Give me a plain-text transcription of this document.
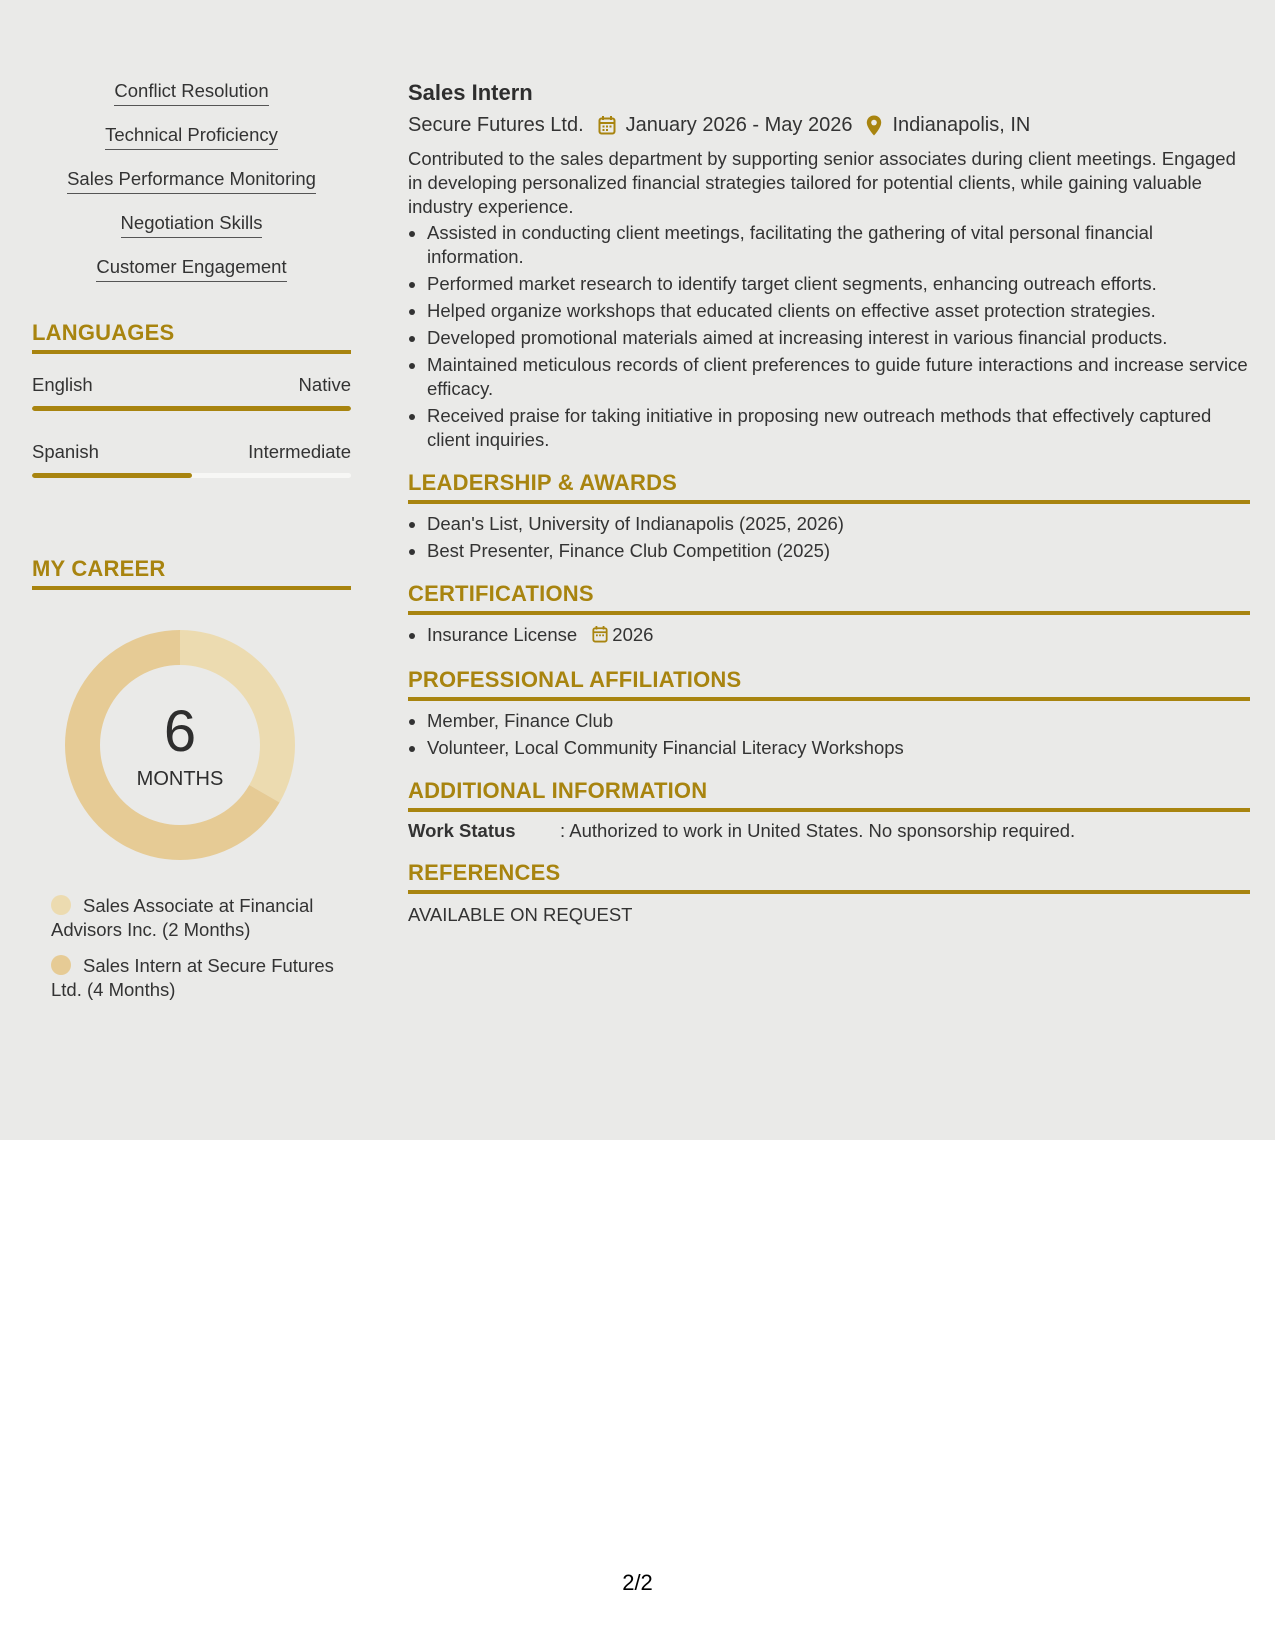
Conflict Resolution
Technical Proficiency
Sales Performance Monitoring
Negotiation Skills
Customer Engagement
LANGUAGES
English	Native
Spanish	Intermediate
MY CAREER
6
MONTHS
Sales Associate at Financial Advisors Inc. (2 Months)
Sales Intern at Secure Futures Ltd. (4 Months)
Sales Intern
Secure Futures Ltd. January 2026 - May 2026 Indianapolis, IN

Contributed to the sales department by supporting senior associates during client meetings. Engaged in developing personalized financial strategies tailored for potential clients, while gaining valuable industry experience.

• Assisted in conducting client meetings, facilitating the gathering of vital personal financial information.
• Performed market research to identify target client segments, enhancing outreach efforts.
• Helped organize workshops that educated clients on effective asset protection strategies.
• Developed promotional materials aimed at increasing interest in various financial products.
• Maintained meticulous records of client preferences to guide future interactions and increase service efficacy.
• Received praise for taking initiative in proposing new outreach methods that effectively captured client inquiries.
LEADERSHIP & AWARDS
• Dean's List, University of Indianapolis (2025, 2026)
• Best Presenter, Finance Club Competition (2025)
CERTIFICATIONS
• Insurance License 2026
PROFESSIONAL AFFILIATIONS
• Member, Finance Club
• Volunteer, Local Community Financial Literacy Workshops
ADDITIONAL INFORMATION
Work Status	: Authorized to work in United States. No sponsorship required.
REFERENCES
AVAILABLE ON REQUEST
2/2
